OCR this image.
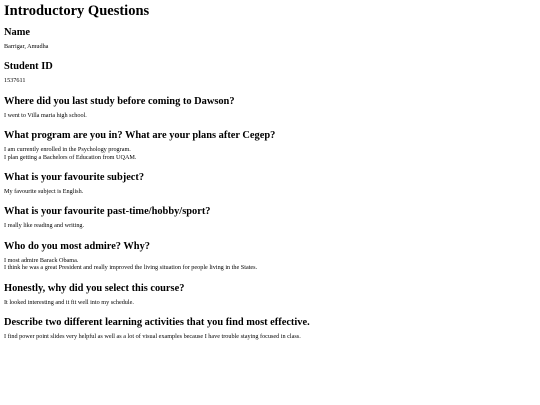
Introductory Questions
Name
Barrigar, Amudha
Student ID
1537611
Where did you last study before coming to Dawson?
I went to Villa maria high school.
What program are you in? What are your plans after Cegep?
I am currently enrolled in the Psychology program.
I plan getting a Bachelors of Education from UQAM.
What is your favourite subject?
My favourite subject is English.
What is your favourite past-time/hobby/sport?
I really like reading and writing.
Who do you most admire? Why?
I most admire Barack Obama.
I think he was a great President and really improved the living situation for people living in the States.
Honestly, why did you select this course?
It looked interesting and it fit well into my schedule.
Describe two different learning activities that you find most effective.
I find power point slides very helpful as well as a lot of visual examples because I have trouble staying focused in class.
